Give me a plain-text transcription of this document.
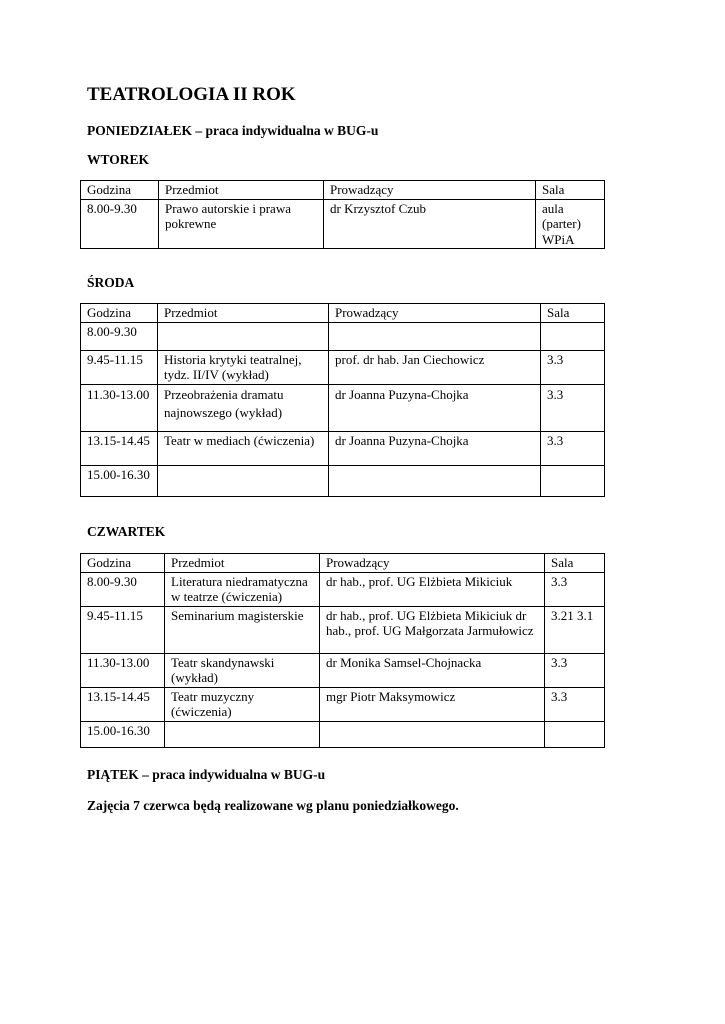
TEATROLOGIA II ROK

PONIEDZIAŁEK – praca indywidualna w BUG-u

WTOREK

Godzina	Przedmiot	Prowadzący	Sala
8.00-9.30	Prawo autorskie i prawa pokrewne	dr Krzysztof Czub	aula (parter) WPiA

ŚRODA

Godzina	Przedmiot	Prowadzący	Sala
8.00-9.30			
9.45-11.15	Historia krytyki teatralnej, tydz. II/IV (wykład)	prof. dr hab. Jan Ciechowicz	3.3
11.30-13.00	Przeobrażenia dramatu najnowszego (wykład)	dr Joanna Puzyna-Chojka	3.3
13.15-14.45	Teatr w mediach (ćwiczenia)	dr Joanna Puzyna-Chojka	3.3
15.00-16.30			

CZWARTEK

Godzina	Przedmiot	Prowadzący	Sala
8.00-9.30	Literatura niedramatyczna w teatrze (ćwiczenia)	dr hab., prof. UG Elżbieta Mikiciuk	3.3
9.45-11.15	Seminarium magisterskie	dr hab., prof. UG Elżbieta Mikiciuk dr hab., prof. UG Małgorzata Jarmułowicz	3.21 3.1
11.30-13.00	Teatr skandynawski (wykład)	dr Monika Samsel-Chojnacka	3.3
13.15-14.45	Teatr muzyczny (ćwiczenia)	mgr Piotr Maksymowicz	3.3
15.00-16.30			

PIĄTEK – praca indywidualna w BUG-u

Zajęcia 7 czerwca będą realizowane wg planu poniedziałkowego.
